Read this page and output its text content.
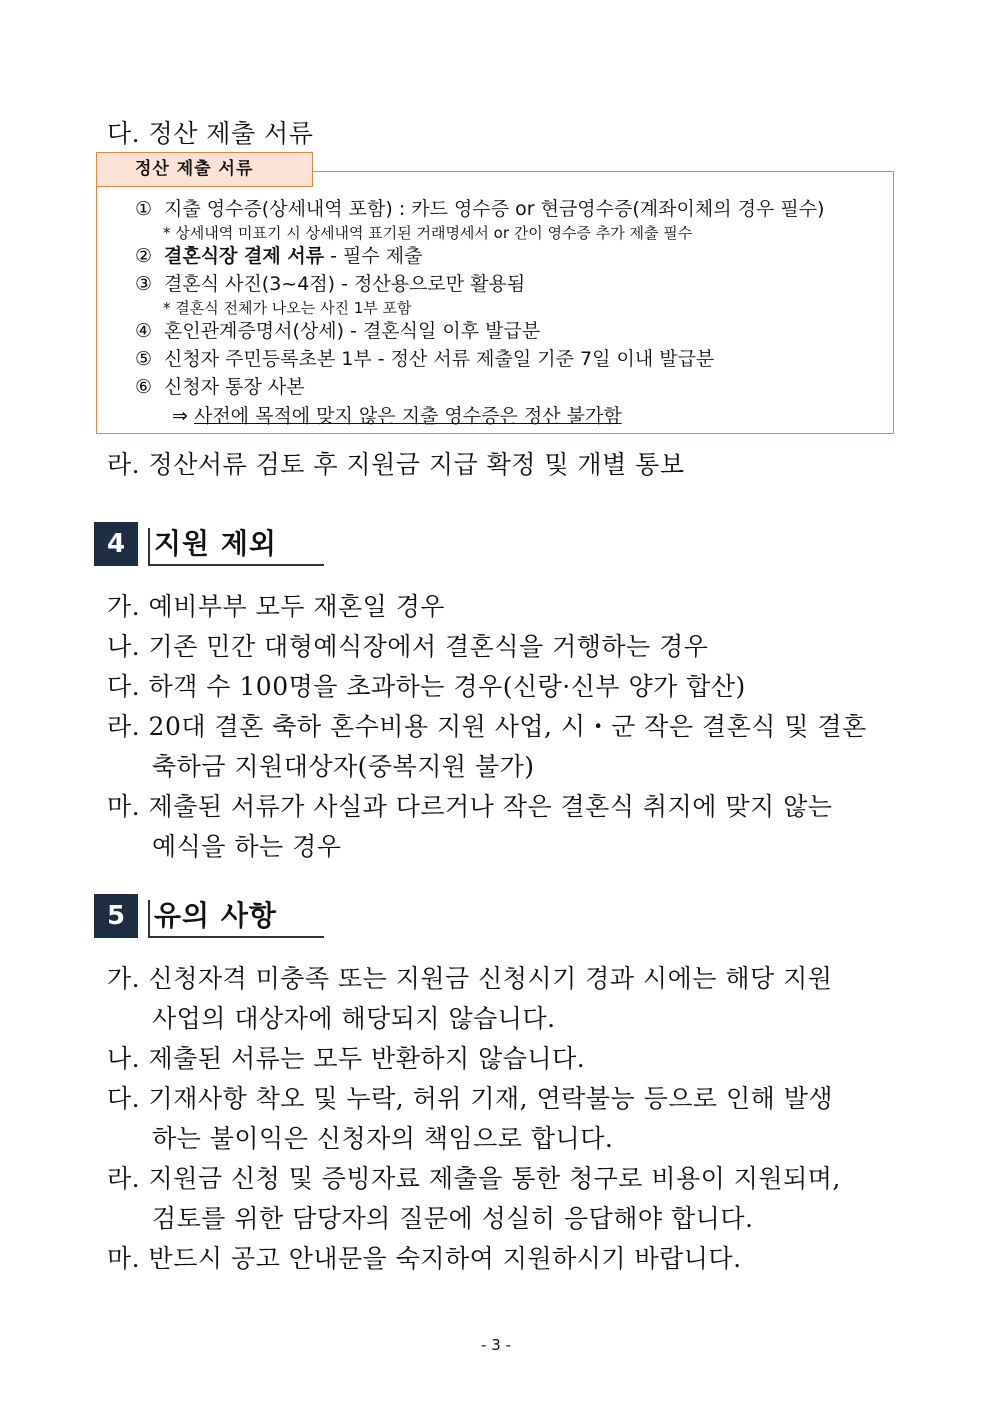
다. 정산 제출 서류
정산 제출 서류
① 지출 영수증(상세내역 포함) : 카드 영수증 or 현금영수증(계좌이체의 경우 필수)
* 상세내역 미표기 시 상세내역 표기된 거래명세서 or 간이 영수증 추가 제출 필수
② 결혼식장 결제 서류 - 필수 제출
③ 결혼식 사진(3~4점) - 정산용으로만 활용됨
* 결혼식 전체가 나오는 사진 1부 포함
④ 혼인관계증명서(상세) - 결혼식일 이후 발급분
⑤ 신청자 주민등록초본 1부 - 정산 서류 제출일 기준 7일 이내 발급분
⑥ 신청자 통장 사본
⇒ 사전에 목적에 맞지 않은 지출 영수증은 정산 불가함
라. 정산서류 검토 후 지원금 지급 확정 및 개별 통보
4	지원 제외
가. 예비부부 모두 재혼일 경우
나. 기존 민간 대형예식장에서 결혼식을 거행하는 경우
다. 하객 수 100명을 초과하는 경우(신랑·신부 양가 합산)
라. 20대 결혼 축하 혼수비용 지원 사업, 시・군 작은 결혼식 및 결혼
축하금 지원대상자(중복지원 불가)
마. 제출된 서류가 사실과 다르거나 작은 결혼식 취지에 맞지 않는
예식을 하는 경우
5	유의 사항
가. 신청자격 미충족 또는 지원금 신청시기 경과 시에는 해당 지원
사업의 대상자에 해당되지 않습니다.
나. 제출된 서류는 모두 반환하지 않습니다.
다. 기재사항 착오 및 누락, 허위 기재, 연락불능 등으로 인해 발생
하는 불이익은 신청자의 책임으로 합니다.
라. 지원금 신청 및 증빙자료 제출을 통한 청구로 비용이 지원되며,
검토를 위한 담당자의 질문에 성실히 응답해야 합니다.
마. 반드시 공고 안내문을 숙지하여 지원하시기 바랍니다.
- 3 -
